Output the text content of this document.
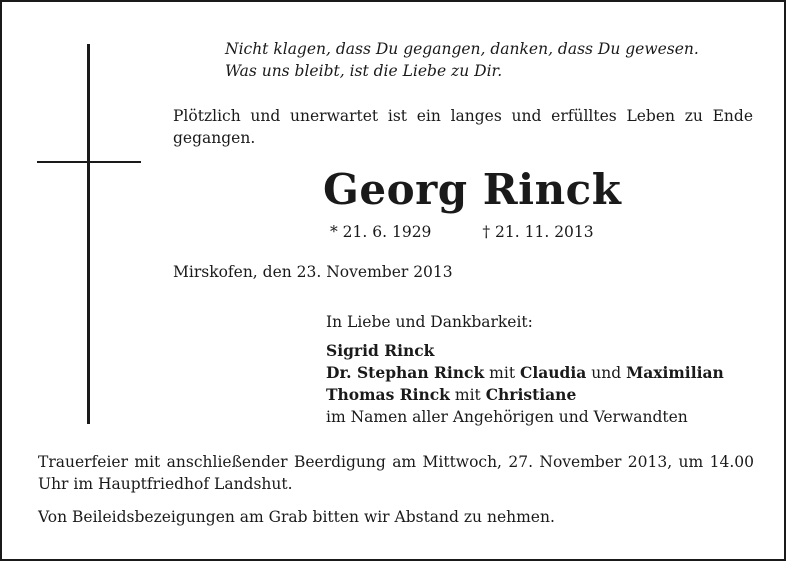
Nicht klagen, dass Du gegangen, danken, dass Du gewesen.
Was uns bleibt, ist die Liebe zu Dir.
Plötzlich und unerwartet ist ein langes und erfülltes Leben zu Ende gegangen.
Georg Rinck
* 21. 6. 1929	† 21. 11. 2013
Mirskofen, den 23. November 2013
In Liebe und Dankbarkeit:
Sigrid Rinck
Dr. Stephan Rinck mit Claudia und Maximilian
Thomas Rinck mit Christiane
im Namen aller Angehörigen und Verwandten
Trauerfeier mit anschließender Beerdigung am Mittwoch, 27. November 2013, um 14.00 Uhr im Hauptfriedhof Landshut.
Von Beileidsbezeigungen am Grab bitten wir Abstand zu nehmen.
